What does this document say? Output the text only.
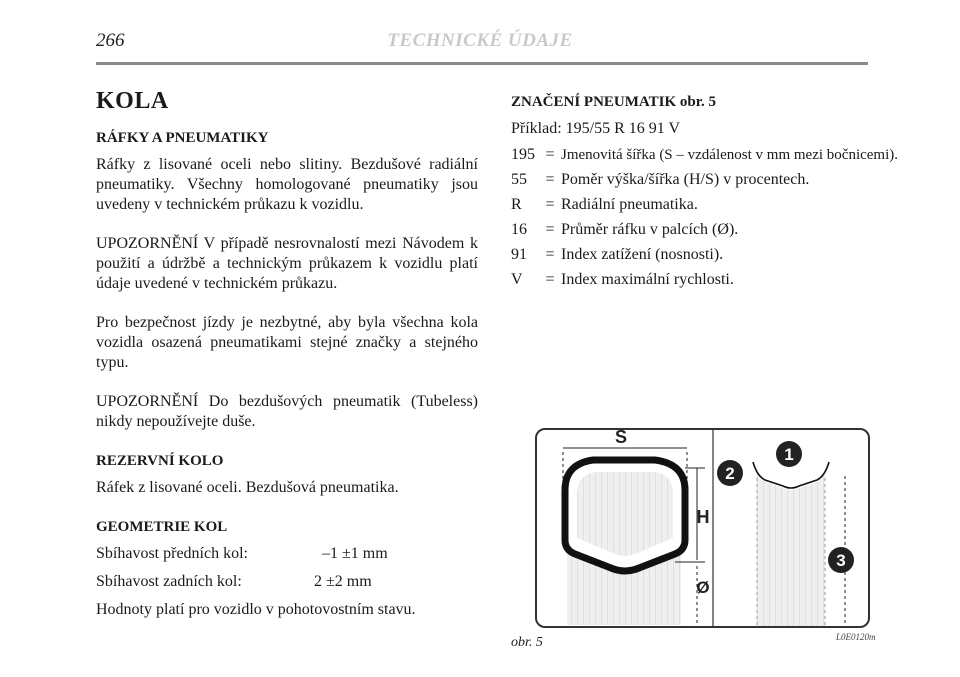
266	TECHNICKÉ ÚDAJE
KOLA
RÁFKY A PNEUMATIKY

Ráfky z lisované oceli nebo slitiny. Bezdušové radiální pneumatiky. Všechny homologované pneumatiky jsou uvedeny v technickém průkazu k vozidlu.

UPOZORNĚNÍ V případě nesrovnalostí mezi Návodem k použití a údržbě a technickým průkazem k vozidlu platí údaje uvedené v technickém průkazu.

Pro bezpečnost jízdy je nezbytné, aby byla všechna kola vozidla osazená pneumatikami stejné značky a stejného typu.

UPOZORNĚNÍ Do bezdušových pneumatik (Tubeless) nikdy nepoužívejte duše.

REZERVNÍ KOLO

Ráfek z lisované oceli. Bezdušová pneumatika.

GEOMETRIE KOL
Sbíhavost předních kol:	–1 ±1 mm
Sbíhavost zadních kol:	2 ±2 mm

Hodnoty platí pro vozidlo v pohotovostním stavu.

ZNAČENÍ PNEUMATIK obr. 5

Příklad: 195/55 R 16 91 V

195 = Jmenovitá šířka (S – vzdálenost v mm mezi bočnicemi).
55	= Poměr výška/šířka (H/S) v procentech.
R	= Radiální pneumatika.
16	= Průměr ráfku v palcích (Ø).
91	= Index zatížení (nosnosti).
V	= Index maximální rychlosti.
S
H
Ø
1
2
3
obr. 5	L0E0120m
